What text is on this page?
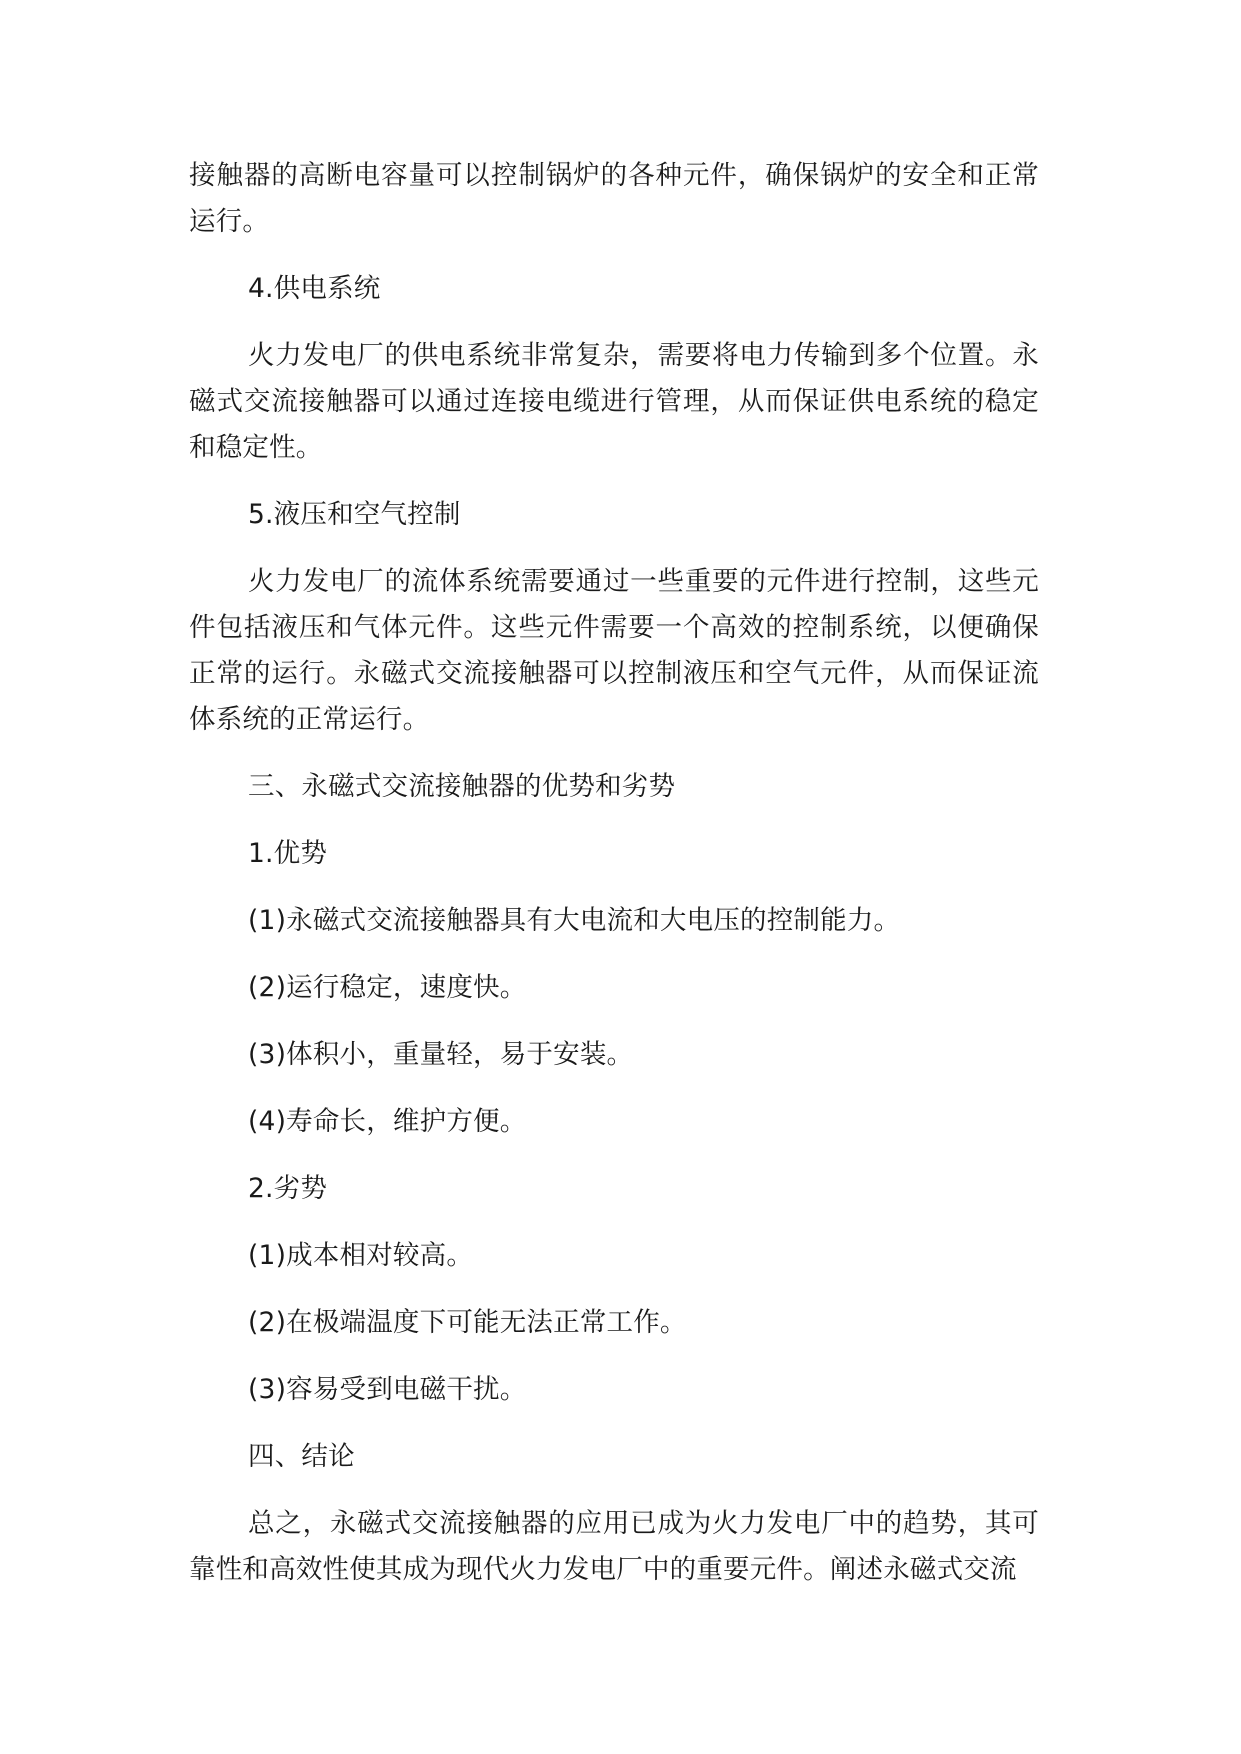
接触器的高断电容量可以控制锅炉的各种元件，确保锅炉的安全和正常运行。

4.供电系统

火力发电厂的供电系统非常复杂，需要将电力传输到多个位置。永磁式交流接触器可以通过连接电缆进行管理，从而保证供电系统的稳定和稳定性。

5.液压和空气控制

火力发电厂的流体系统需要通过一些重要的元件进行控制，这些元件包括液压和气体元件。这些元件需要一个高效的控制系统，以便确保正常的运行。永磁式交流接触器可以控制液压和空气元件，从而保证流体系统的正常运行。

三、永磁式交流接触器的优势和劣势

1.优势

(1)永磁式交流接触器具有大电流和大电压的控制能力。

(2)运行稳定，速度快。

(3)体积小，重量轻，易于安装。

(4)寿命长，维护方便。

2.劣势

(1)成本相对较高。

(2)在极端温度下可能无法正常工作。

(3)容易受到电磁干扰。

四、结论

总之，永磁式交流接触器的应用已成为火力发电厂中的趋势，其可靠性和高效性使其成为现代火力发电厂中的重要元件。阐述永磁式交流
